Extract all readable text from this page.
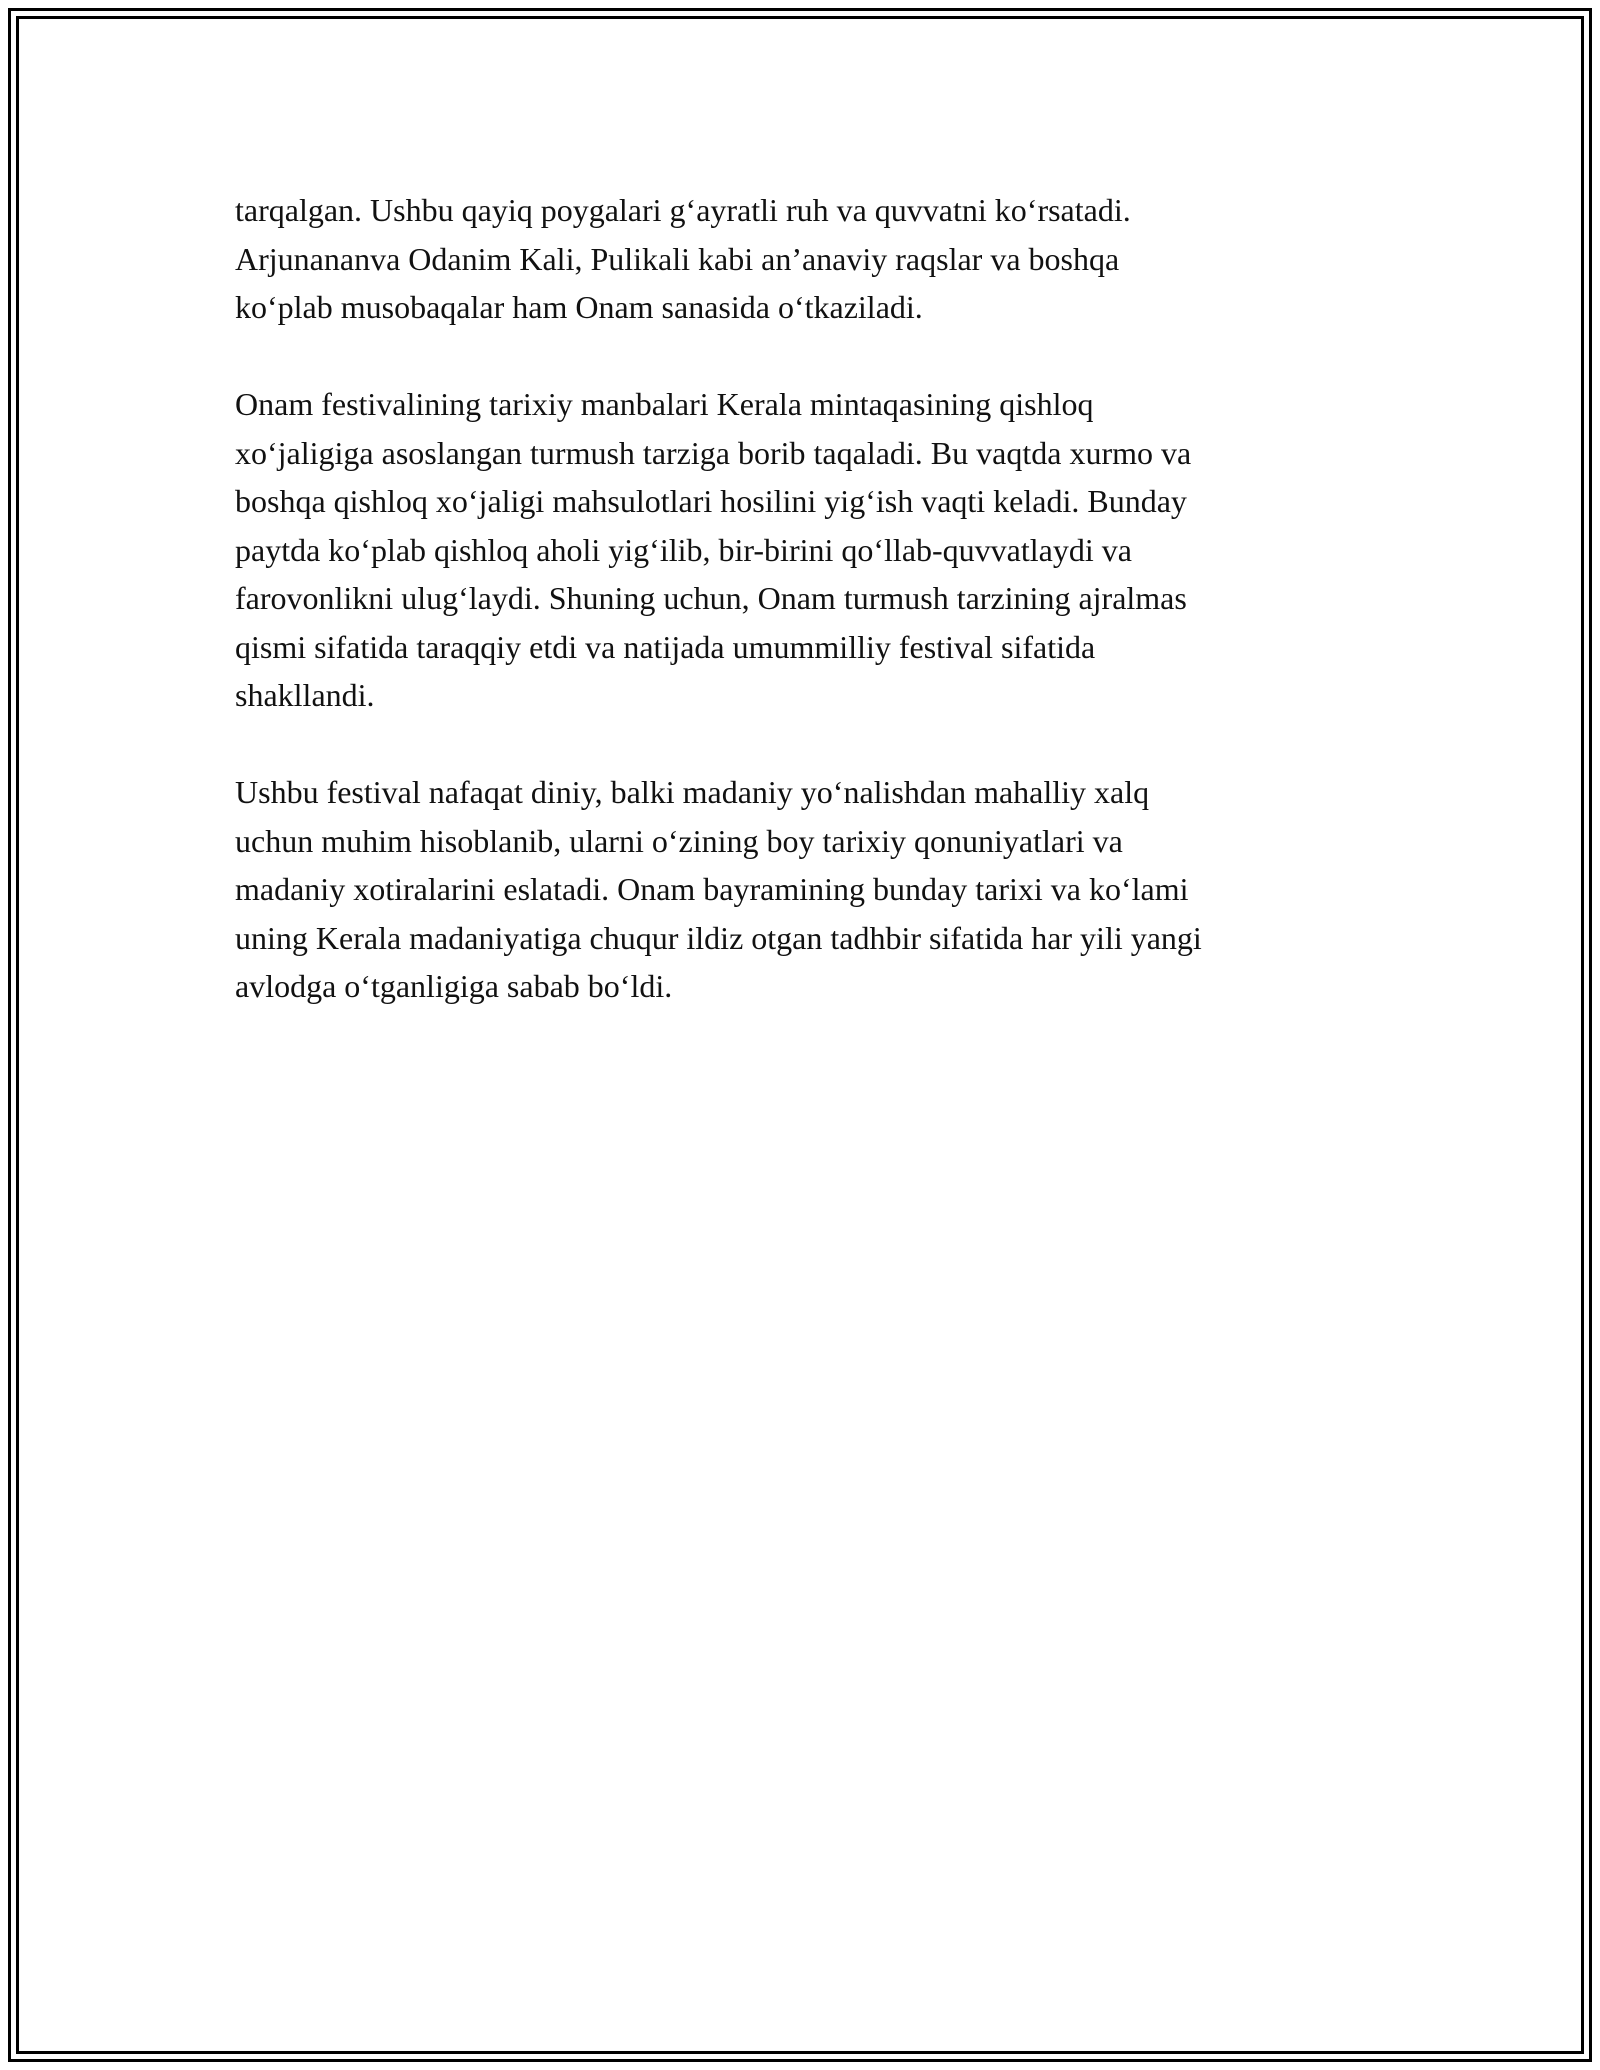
tarqalgan. Ushbu qayiq poygalari g‘ayratli ruh va quvvatni ko‘rsatadi.
Arjunananva Odanim Kali, Pulikali kabi an’anaviy raqslar va boshqa
ko‘plab musobaqalar ham Onam sanasida o‘tkaziladi.
Onam festivalining tarixiy manbalari Kerala mintaqasining qishloq
xo‘jaligiga asoslangan turmush tarziga borib taqaladi. Bu vaqtda xurmo va
boshqa qishloq xo‘jaligi mahsulotlari hosilini yig‘ish vaqti keladi. Bunday
paytda ko‘plab qishloq aholi yig‘ilib, bir-birini qo‘llab-quvvatlaydi va
farovonlikni ulug‘laydi. Shuning uchun, Onam turmush tarzining ajralmas
qismi sifatida taraqqiy etdi va natijada umummilliy festival sifatida
shakllandi.
Ushbu festival nafaqat diniy, balki madaniy yo‘nalishdan mahalliy xalq
uchun muhim hisoblanib, ularni o‘zining boy tarixiy qonuniyatlari va
madaniy xotiralarini eslatadi. Onam bayramining bunday tarixi va ko‘lami
uning Kerala madaniyatiga chuqur ildiz otgan tadhbir sifatida har yili yangi
avlodga o‘tganligiga sabab bo‘ldi.
